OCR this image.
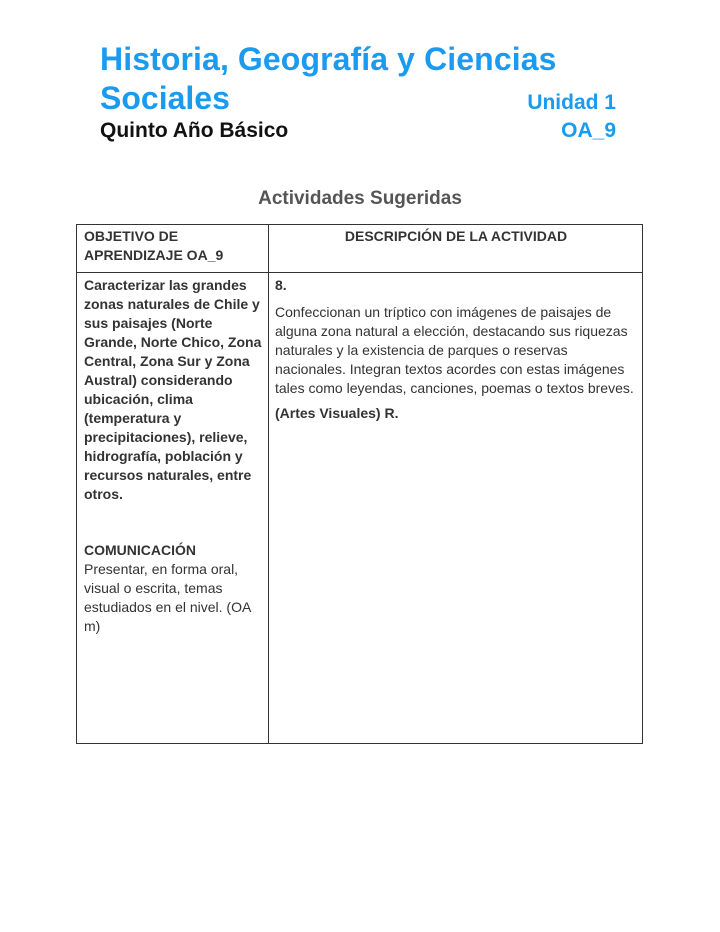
Historia, Geografía y Ciencias
Sociales	Unidad 1
Quinto Año Básico	OA_9
Actividades Sugeridas
OBJETIVO DE APRENDIZAJE OA_9
DESCRIPCIÓN DE LA ACTIVIDAD
Caracterizar las grandes zonas naturales de Chile y sus paisajes (Norte Grande, Norte Chico, Zona Central, Zona Sur y Zona Austral) considerando ubicación, clima (temperatura y precipitaciones), relieve, hidrografía, población y recursos naturales, entre otros.
COMUNICACIÓN
Presentar, en forma oral, visual o escrita, temas estudiados en el nivel. (OA m)
8.
Confeccionan un tríptico con imágenes de paisajes de alguna zona natural a elección, destacando sus riquezas naturales y la existencia de parques o reservas nacionales. Integran textos acordes con estas imágenes tales como leyendas, canciones, poemas o textos breves.
(Artes Visuales) R.
